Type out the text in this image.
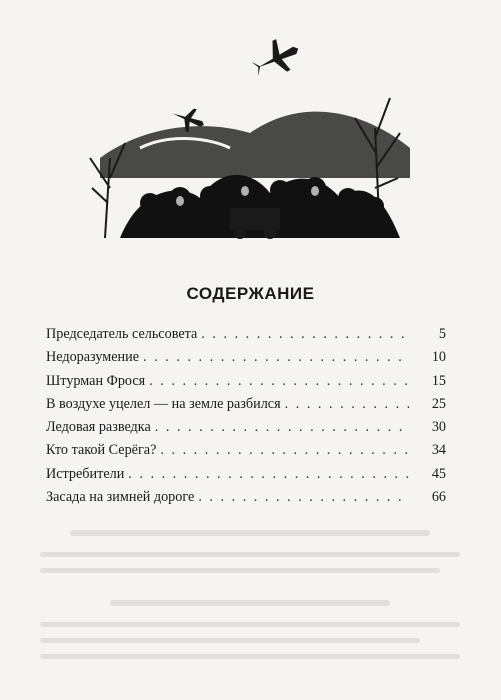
СОДЕРЖАНИЕ
Председатель сельсовета . . .	5
Недоразумение . . .	10
Штурман Фрося . . .	15
В воздухе уцелел — на земле разбился . . .	25
Ледовая разведка . . .	30
Кто такой Серёга? . . .	34
Истребители . . .	45
Засада на зимней дороге . . .	66
